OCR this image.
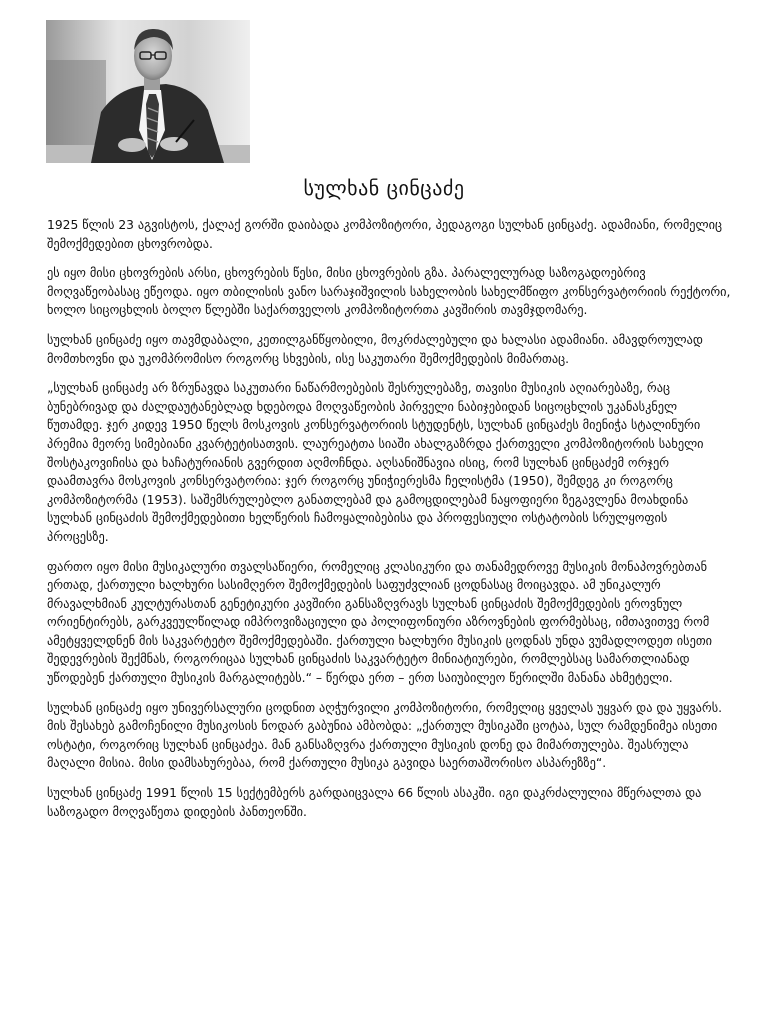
სულხან ცინცაძე

1925 წლის 23 აგვისტოს, ქალაქ გორში დაიბადა კომპოზიტორი, პედაგოგი სულხან ცინცაძე. ადამიანი, რომელიც შემოქმედებით ცხოვრობდა.

ეს იყო მისი ცხოვრების არსი, ცხოვრების წესი, მისი ცხოვრების გზა. პარალელურად საზოგადოებრივ მოღვაწეობასაც ეწეოდა. იყო თბილისის ვანო სარაჯიშვილის სახელობის სახელმწიფო კონსერვატორიის რექტორი, ხოლო სიცოცხლის ბოლო წლებში საქართველოს კომპოზიტორთა კავშირის თავმჯდომარე.

სულხან ცინცაძე იყო თავმდაბალი, კეთილგანწყობილი, მოკრძალებული და ხალასი ადამიანი. ამავდროულად მომთხოვნი და უკომპრომისო როგორც სხვების, ისე საკუთარი შემოქმედების მიმართაც.

„სულხან ცინცაძე არ ზრუნავდა საკუთარი ნაწარმოებების შესრულებაზე, თავისი მუსიკის აღიარებაზე, რაც ბუნებრივად და ძალდაუტანებლად ხდებოდა მოღვაწეობის პირველი ნაბიჯებიდან სიცოცხლის უკანასკნელ წუთამდე. ჯერ კიდევ 1950 წელს მოსკოვის კონსერვატორიის სტუდენტს, სულხან ცინცაძეს მიენიჭა სტალინური პრემია მეორე სიმებიანი კვარტეტისათვის. ლაურეატთა სიაში ახალგაზრდა ქართველი კომპოზიტორის სახელი შოსტაკოვიჩისა და ხაჩატურიანის გვერდით აღმოჩნდა. აღსანიშნავია ისიც, რომ სულხან ცინცაძემ ორჯერ დაამთავრა მოსკოვის კონსერვატორია: ჯერ როგორც უნიჭიერესმა ჩელისტმა (1950), შემდეგ კი როგორც კომპოზიტორმა (1953). საშემსრულებლო განათლებამ და გამოცდილებამ ნაყოფიერი ზეგავლენა მოახდინა სულხან ცინცაძის შემოქმედებითი ხელწერის ჩამოყალიბებისა და პროფესიული ოსტატობის სრულყოფის პროცესზე.

ფართო იყო მისი მუსიკალური თვალსაწიერი, რომელიც კლასიკური და თანამედროვე მუსიკის მონაპოვრებთან ერთად, ქართული ხალხური სასიმღერო შემოქმედების საფუძვლიან ცოდნასაც მოიცავდა. ამ უნიკალურ მრავალხმიან კულტურასთან გენეტიკური კავშირი განსაზღვრავს სულხან ცინცაძის შემოქმედების ეროვნულ ორიენტირებს, გარკვეულწილად იმპროვიზაციული და პოლიფონიური აზროვნების ფორმებსაც, იმთავითვე რომ ამეტყველდნენ მის საკვარტეტო შემოქმედებაში. ქართული ხალხური მუსიკის ცოდნას უნდა ვუმადლოდეთ ისეთი შედევრების შექმნას, როგორიცაა სულხან ცინცაძის საკვარტეტო მინიატიურები, რომლებსაც სამართლიანად უწოდებენ ქართული მუსიკის მარგალიტებს.“ – წერდა ერთ – ერთ საიუბილეო წერილში მანანა ახმეტელი.

სულხან ცინცაძე იყო უნივერსალური ცოდნით აღჭურვილი კომპოზიტორი, რომელიც ყველას უყვარ და და უყვარს. მის შესახებ გამოჩენილი მუსიკოსის ნოდარ გაბუნია ამბობდა: „ქართულ მუსიკაში ცოტაა, სულ რამდენიმეა ისეთი ოსტატი, როგორიც სულხან ცინცაძეა. მან განსაზღვრა ქართული მუსიკის დონე და მიმართულება. შეასრულა მაღალი მისია. მისი დამსახურებაა, რომ ქართული მუსიკა გავიდა საერთაშორისო ასპარეზზე“.

სულხან ცინცაძე 1991 წლის 15 სექტემბერს გარდაიცვალა 66 წლის ასაკში. იგი დაკრძალულია მწერალთა და საზოგადო მოღვაწეთა დიდების პანთეონში.
